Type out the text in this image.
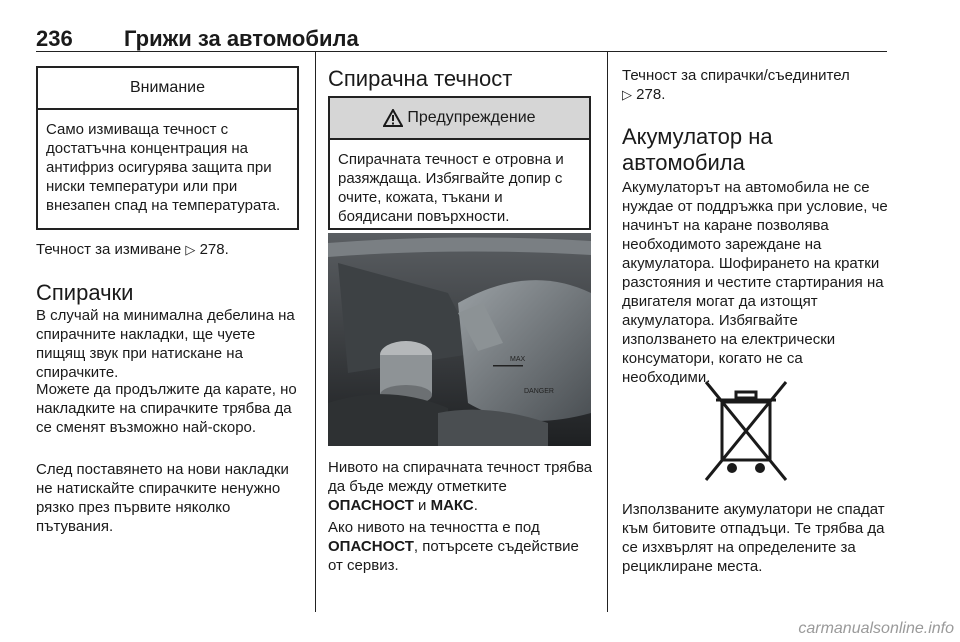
236 Грижи за автомобила
Внимание
Само измиваща течност с достатъчна концентрация на антифриз осигурява защита при ниски температури или при внезапен спад на температурата.

Течност за измиване ▷ 278.

Спирачки

В случай на минимална дебелина на спирачните накладки, ще чуете пищящ звук при натискане на спирачките.

Можете да продължите да карате, но накладките на спирачките трябва да се сменят възможно най-скоро.

След поставянето на нови накладки не натискайте спирачките ненужно рязко през първите няколко пътувания.

Спирачна течност
Предупреждение
Спирачната течност е отровна и разяждаща. Избягвайте допир с очите, кожата, тъкани и боядисани повърхности.
MAX
DANGER

Нивото на спирачната течност трябва да бъде между отметките ОПАСНОСТ и МАКС.

Ако нивото на течността е под ОПАСНОСТ, потърсете съдействие от сервиз.

Течност за спирачки/съединител
▷ 278.

Акумулатор на автомобила

Акумулаторът на автомобила не се нуждае от поддръжка при условие, че начинът на каране позволява необходимото зареждане на акумулатора. Шофирането на кратки разстояния и честите стартирания на двигателя могат да изтощят акумулатора. Избягвайте използването на електрически консуматори, когато не са необходими.

Използваните акумулатори не спадат към битовите отпадъци. Те трябва да се изхвърлят на определените за рециклиране места.

carmanualsonline.info
